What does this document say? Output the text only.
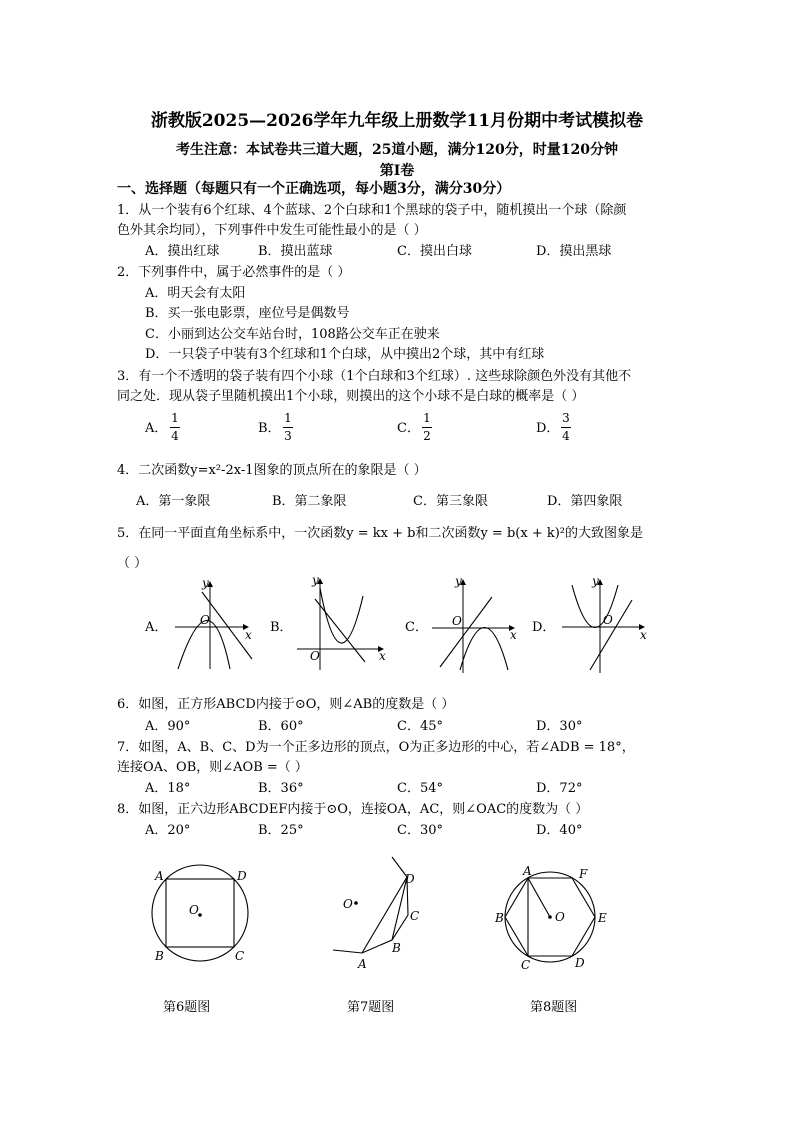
浙教版2025—2026学年九年级上册数学11月份期中考试模拟卷
考生注意：本试卷共三道大题，25道小题，满分120分，时量120分钟
第Ⅰ卷
一、选择题（每题只有一个正确选项，每小题3分，满分30分）
1．从一个装有6个红球、4个蓝球、2个白球和1个黑球的袋子中，随机摸出一个球（除颜
色外其余均同），下列事件中发生可能性最小的是（ ）
A．摸出红球	B．摸出蓝球	C．摸出白球	D．摸出黑球
2．下列事件中，属于必然事件的是（ ）
A．明天会有太阳
B．买一张电影票，座位号是偶数号
C．小丽到达公交车站台时，108路公交车正在驶来
D．一只袋子中装有3个红球和1个白球，从中摸出2个球，其中有红球
3．有一个不透明的袋子装有四个小球（1个白球和3个红球）. 这些球除颜色外没有其他不
同之处．现从袋子里随机摸出1个小球，则摸出的这个小球不是白球的概率是（ ）
A．
1
4	B．
1
3	C．
1
2	D．
3
4
4．二次函数y=x²-2x-1图象的顶点所在的象限是（ ）
A．第一象限	B．第二象限	C．第三象限	D．第四象限
5．在同一平面直角坐标系中，一次函数y = kx + b和二次函数y = b(x + k)²的大致图象是
（ ）
A．	B．	C．	D．
y
x
O
y
x
O
y
x
O
y
x
O
6．如图，正方形ABCD内接于⊙O，则∠AB的度数是（ ）
A．90°	B．60°	C．45°	D．30°
7．如图，A、B、C、D为一个正多边形的顶点，O为正多边形的中心，若∠ADB = 18°，
连接OA、OB，则∠AOB =（ ）
A．18°	B．36°	C．54°	D．72°
8．如图，正六边形ABCDEF内接于⊙O，连接OA，AC，则∠OAC的度数为（ ）
A．20°	B．25°	C．30°	D．40°
A	D
B	C
O
第6题图
O
D
C
B
A
第7题图
A	F
B	O	E
C	D
第8题图
